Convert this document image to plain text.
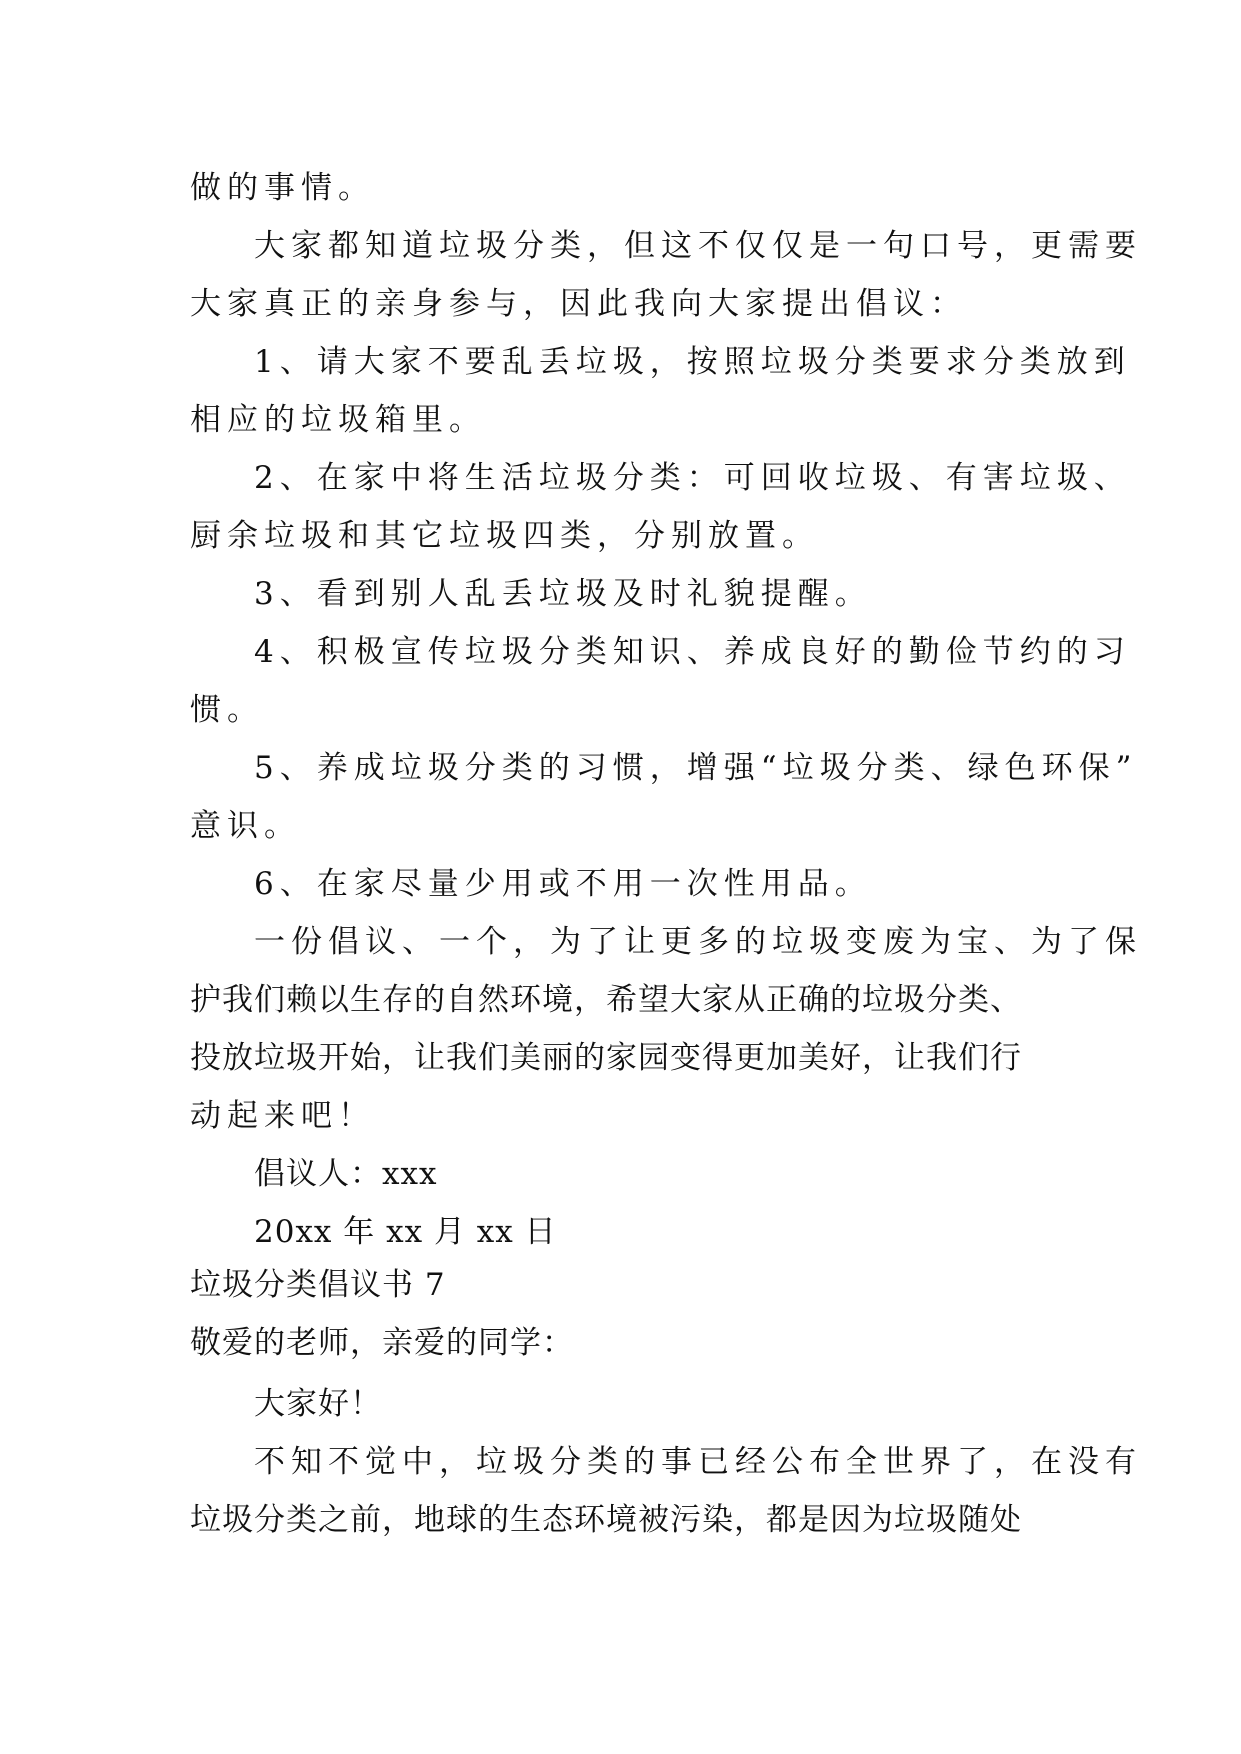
做的事情。
大家都知道垃圾分类，但这不仅仅是一句口号，更需要
大家真正的亲身参与，因此我向大家提出倡议：
1、请大家不要乱丢垃圾，按照垃圾分类要求分类放到
相应的垃圾箱里。
2、在家中将生活垃圾分类：可回收垃圾、有害垃圾、
厨余垃圾和其它垃圾四类，分别放置。
3、看到别人乱丢垃圾及时礼貌提醒。
4、积极宣传垃圾分类知识、养成良好的勤俭节约的习
惯。
5、养成垃圾分类的习惯，增强“垃圾分类、绿色环保”
意识。
6、在家尽量少用或不用一次性用品。
一份倡议、一个，为了让更多的垃圾变废为宝、为了保
护我们赖以生存的自然环境，希望大家从正确的垃圾分类、
投放垃圾开始，让我们美丽的家园变得更加美好，让我们行
动起来吧！
倡议人：xxx
20xx 年 xx 月 xx 日
垃圾分类倡议书 7
敬爱的老师，亲爱的同学：
大家好！
不知不觉中，垃圾分类的事已经公布全世界了，在没有
垃圾分类之前，地球的生态环境被污染，都是因为垃圾随处
